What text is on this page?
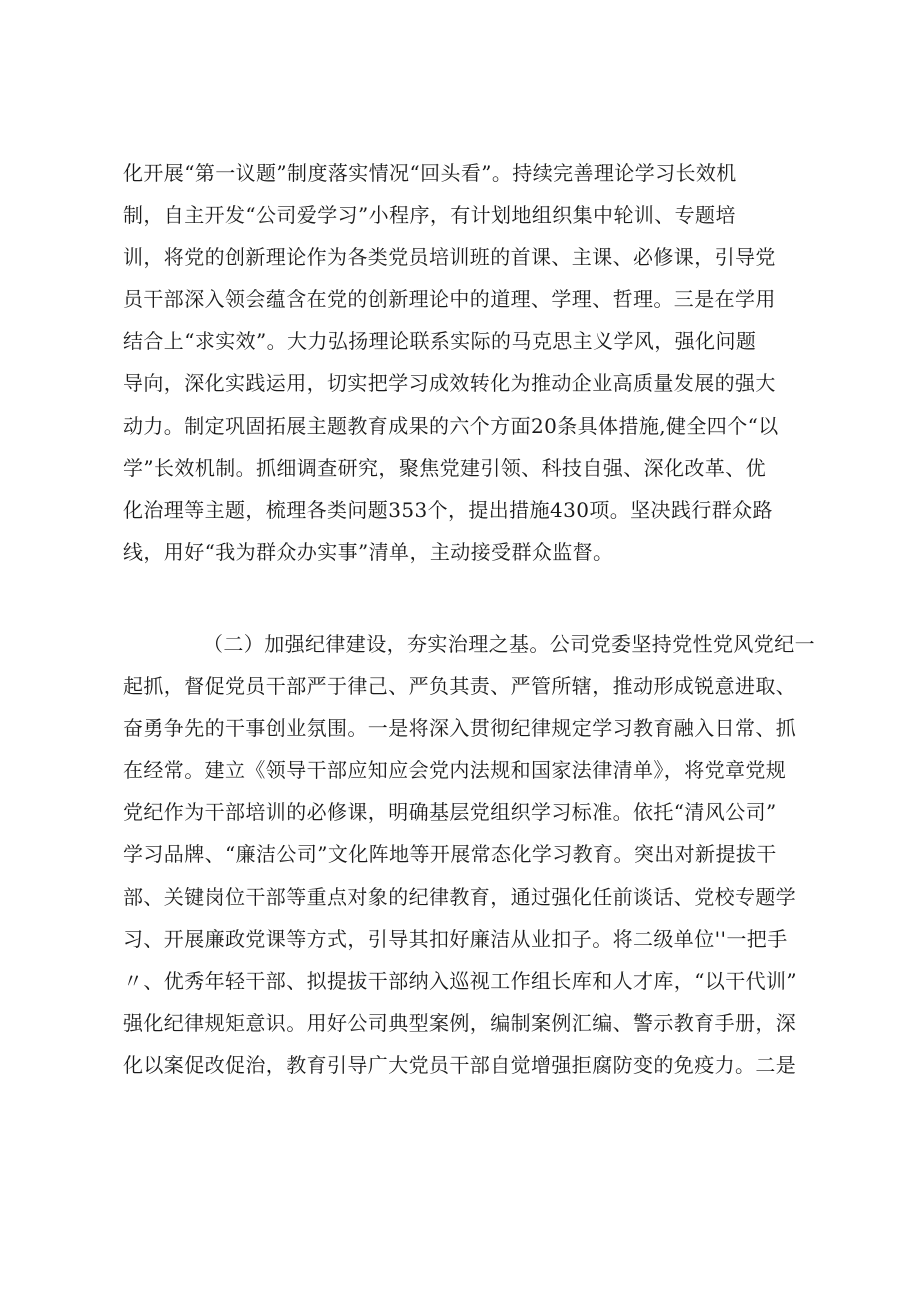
化开展“第一议题”制度落实情况“回头看”。持续完善理论学习长效机
制，自主开发“公司爱学习”小程序，有计划地组织集中轮训、专题培
训，将党的创新理论作为各类党员培训班的首课、主课、必修课，引导党
员干部深入领会蕴含在党的创新理论中的道理、学理、哲理。三是在学用
结合上“求实效”。大力弘扬理论联系实际的马克思主义学风，强化问题
导向，深化实践运用，切实把学习成效转化为推动企业高质量发展的强大
动力。制定巩固拓展主题教育成果的六个方面20条具体措施,健全四个“以
学”长效机制。抓细调查研究，聚焦党建引领、科技自强、深化改革、优
化治理等主题，梳理各类问题353个，提出措施430项。坚决践行群众路
线，用好“我为群众办实事”清单，主动接受群众监督。
（二）加强纪律建设，夯实治理之基。公司党委坚持党性党风党纪一
起抓，督促党员干部严于律己、严负其责、严管所辖，推动形成锐意进取、
奋勇争先的干事创业氛围。一是将深入贯彻纪律规定学习教育融入日常、抓
在经常。建立《领导干部应知应会党内法规和国家法律清单》，将党章党规
党纪作为干部培训的必修课，明确基层党组织学习标准。依托“清风公司”
学习品牌、“廉洁公司”文化阵地等开展常态化学习教育。突出对新提拔干
部、关键岗位干部等重点对象的纪律教育，通过强化任前谈话、党校专题学
习、开展廉政党课等方式，引导其扣好廉洁从业扣子。将二级单位''一把手
〃、优秀年轻干部、拟提拔干部纳入巡视工作组长库和人才库，“以干代训”
强化纪律规矩意识。用好公司典型案例，编制案例汇编、警示教育手册，深
化以案促改促治，教育引导广大党员干部自觉增强拒腐防变的免疫力。二是
